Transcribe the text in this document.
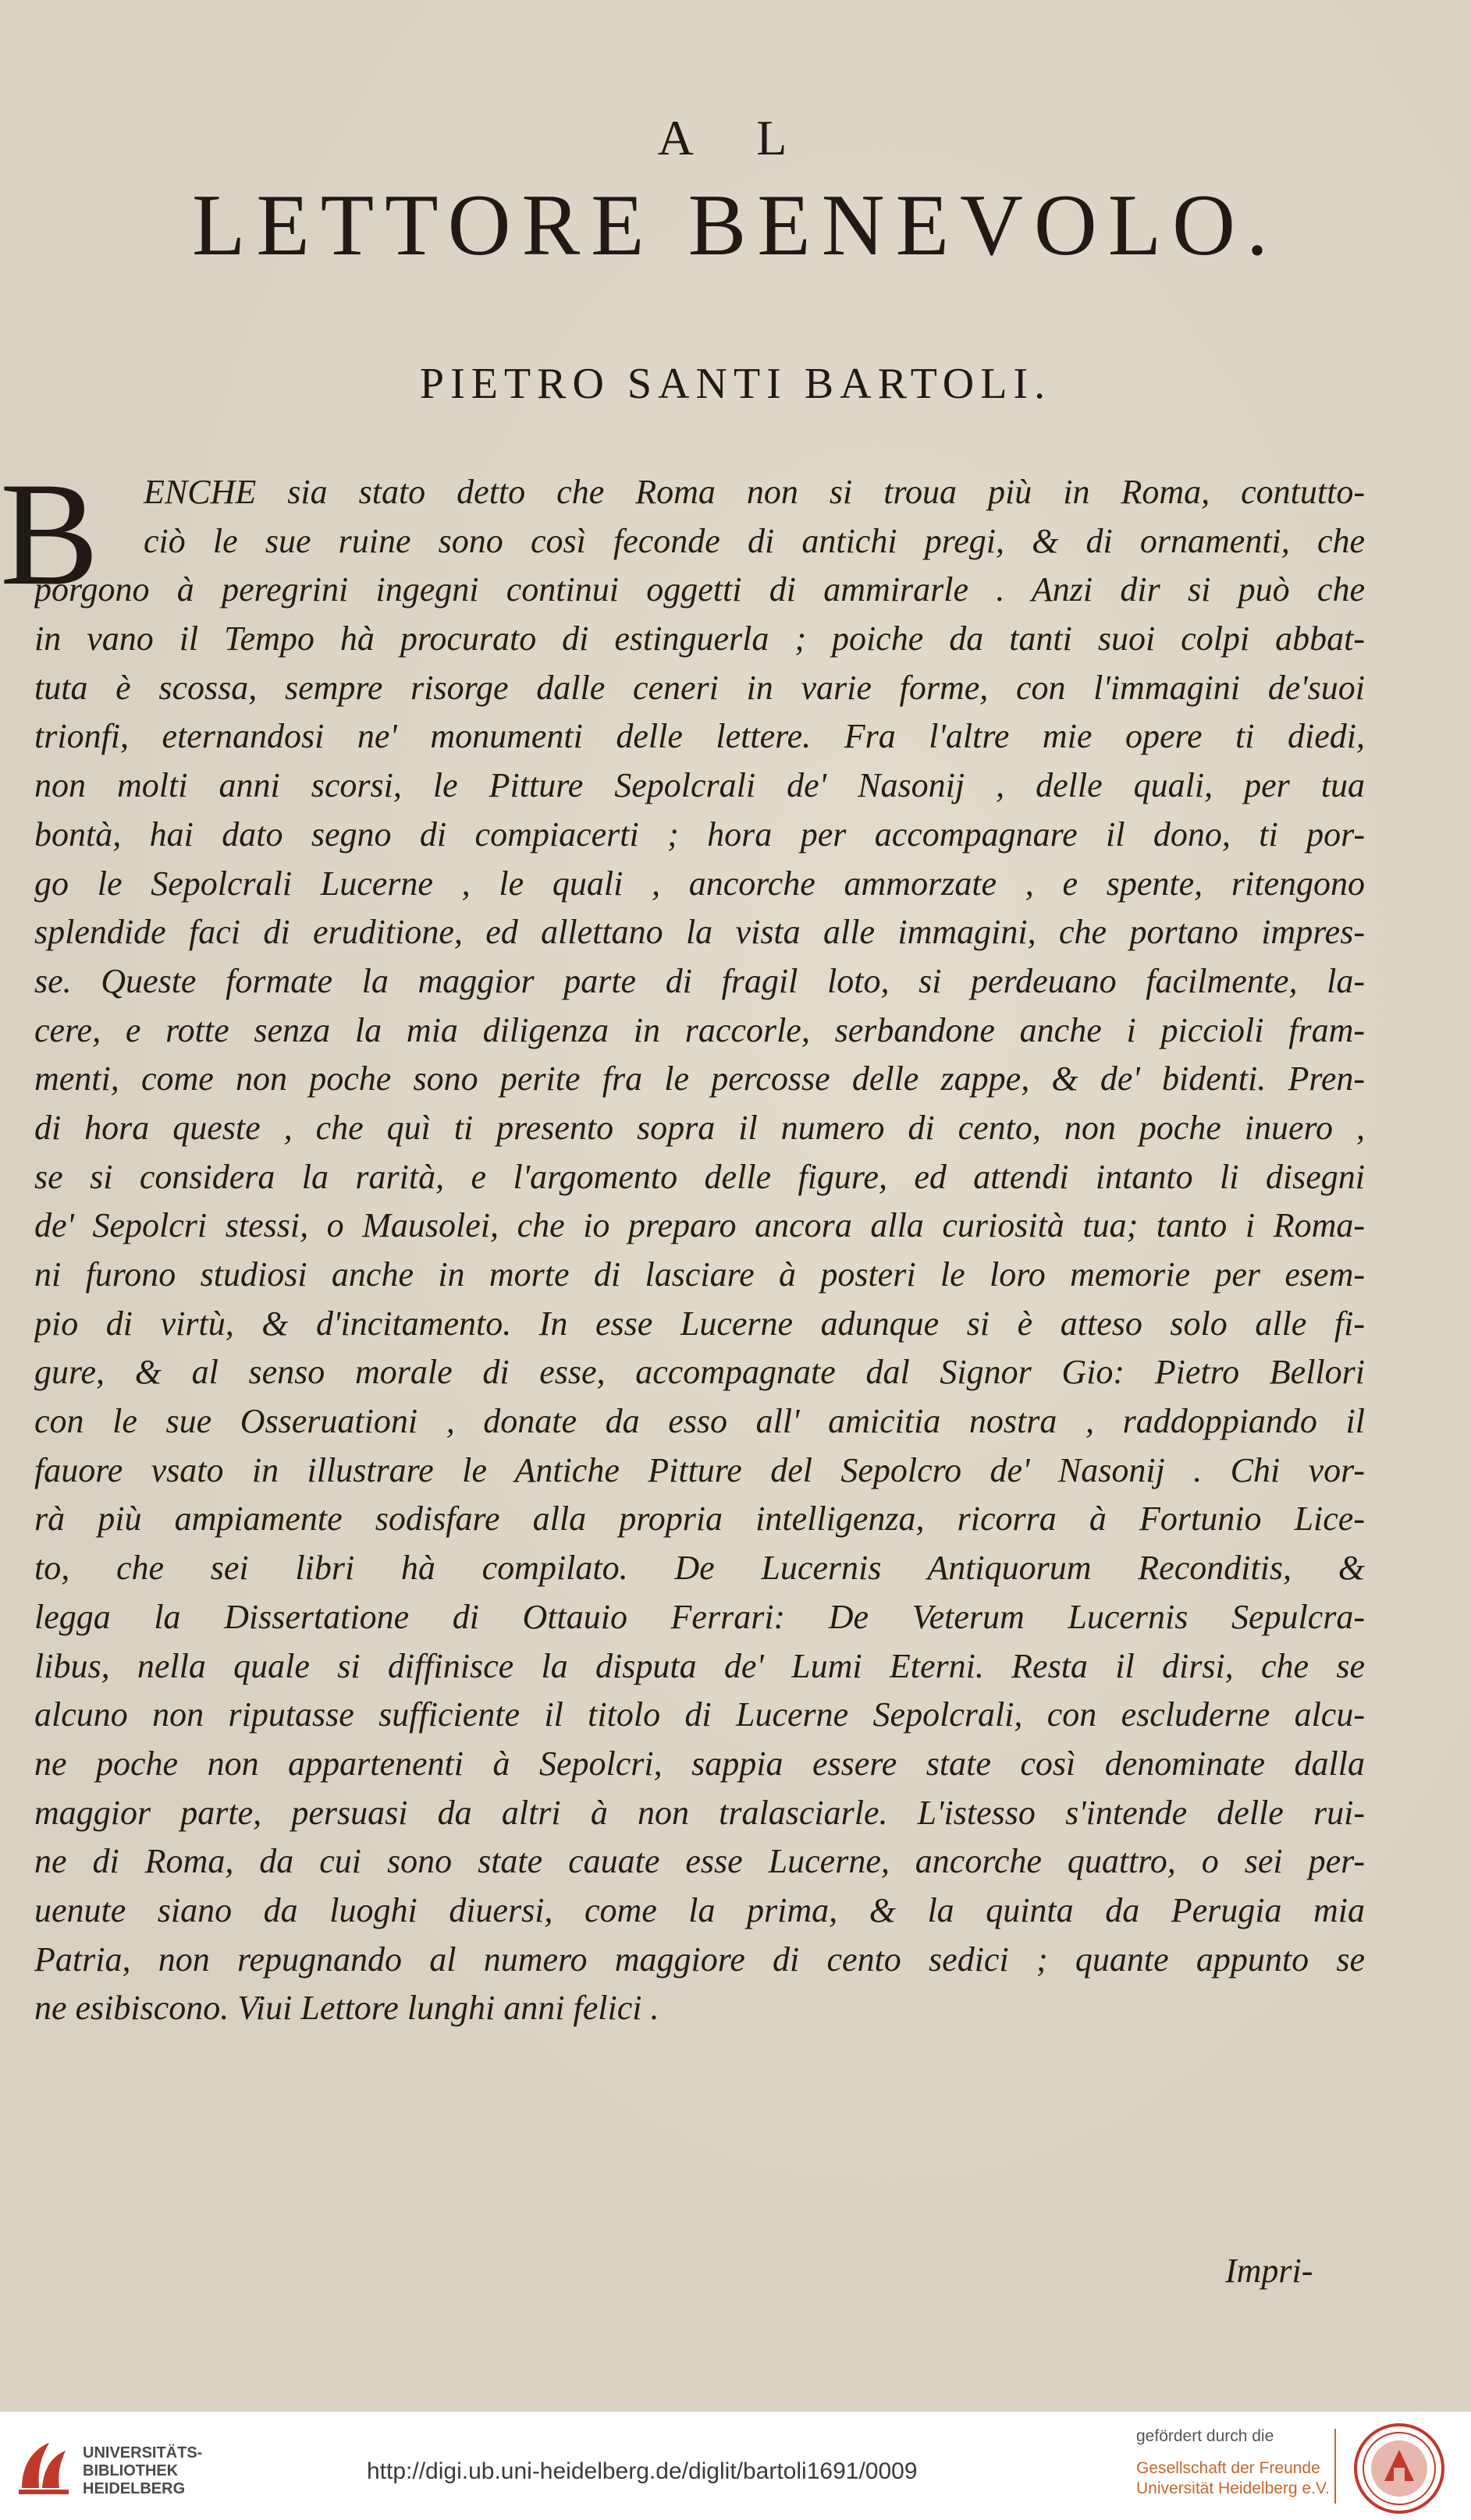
A L
LETTORE BENEVOLO.
PIETRO SANTI BARTOLI.
B	ENCHE sia stato detto che Roma non si troua più in Roma, contutto-
ciò le sue ruine sono così feconde di antichi pregi, & di ornamenti, che
porgono à peregrini ingegni continui oggetti di ammirarle . Anzi dir si può che
in vano il Tempo hà procurato di estinguerla ; poiche da tanti suoi colpi abbat-
tuta è scossa, sempre risorge dalle ceneri in varie forme, con l'immagini de'suoi
trionfi, eternandosi ne' monumenti delle lettere. Fra l'altre mie opere ti diedi,
non molti anni scorsi, le Pitture Sepolcrali de' Nasonij , delle quali, per tua
bontà, hai dato segno di compiacerti ; hora per accompagnare il dono, ti por-
go le Sepolcrali Lucerne , le quali , ancorche ammorzate , e spente, ritengono
splendide faci di eruditione, ed allettano la vista alle immagini, che portano impres-
se. Queste formate la maggior parte di fragil loto, si perdeuano facilmente, la-
cere, e rotte senza la mia diligenza in raccorle, serbandone anche i piccioli fram-
menti, come non poche sono perite fra le percosse delle zappe, & de' bidenti. Pren-
di hora queste , che quì ti presento sopra il numero di cento, non poche inuero ,
se si considera la rarità, e l'argomento delle figure, ed attendi intanto li disegni
de' Sepolcri stessi, o Mausolei, che io preparo ancora alla curiosità tua; tanto i Roma-
ni furono studiosi anche in morte di lasciare à posteri le loro memorie per esem-
pio di virtù, & d'incitamento. In esse Lucerne adunque si è atteso solo alle fi-
gure, & al senso morale di esse, accompagnate dal Signor Gio: Pietro Bellori
con le sue Osseruationi , donate da esso all' amicitia nostra , raddoppiando il
fauore vsato in illustrare le Antiche Pitture del Sepolcro de' Nasonij . Chi vor-
rà più ampiamente sodisfare alla propria intelligenza, ricorra à Fortunio Lice-
to, che sei libri hà compilato. De Lucernis Antiquorum Reconditis, &
legga la Dissertatione di Ottauio Ferrari: De Veterum Lucernis Sepulcra-
libus, nella quale si diffinisce la disputa de' Lumi Eterni. Resta il dirsi, che se
alcuno non riputasse sufficiente il titolo di Lucerne Sepolcrali, con escluderne alcu-
ne poche non appartenenti à Sepolcri, sappia essere state così denominate dalla
maggior parte, persuasi da altri à non tralasciarle. L'istesso s'intende delle rui-
ne di Roma, da cui sono state cauate esse Lucerne, ancorche quattro, o sei per-
uenute siano da luoghi diuersi, come la prima, & la quinta da Perugia mia
Patria, non repugnando al numero maggiore di cento sedici ; quante appunto se
ne esibiscono. Viui Lettore lunghi anni felici .
Impri-
UNIVERSITÄTS-
BIBLIOTHEK
HEIDELBERG
http://digi.ub.uni-heidelberg.de/diglit/bartoli1691/0009
gefördert durch die
Gesellschaft der Freunde
Universität Heidelberg e.V.
